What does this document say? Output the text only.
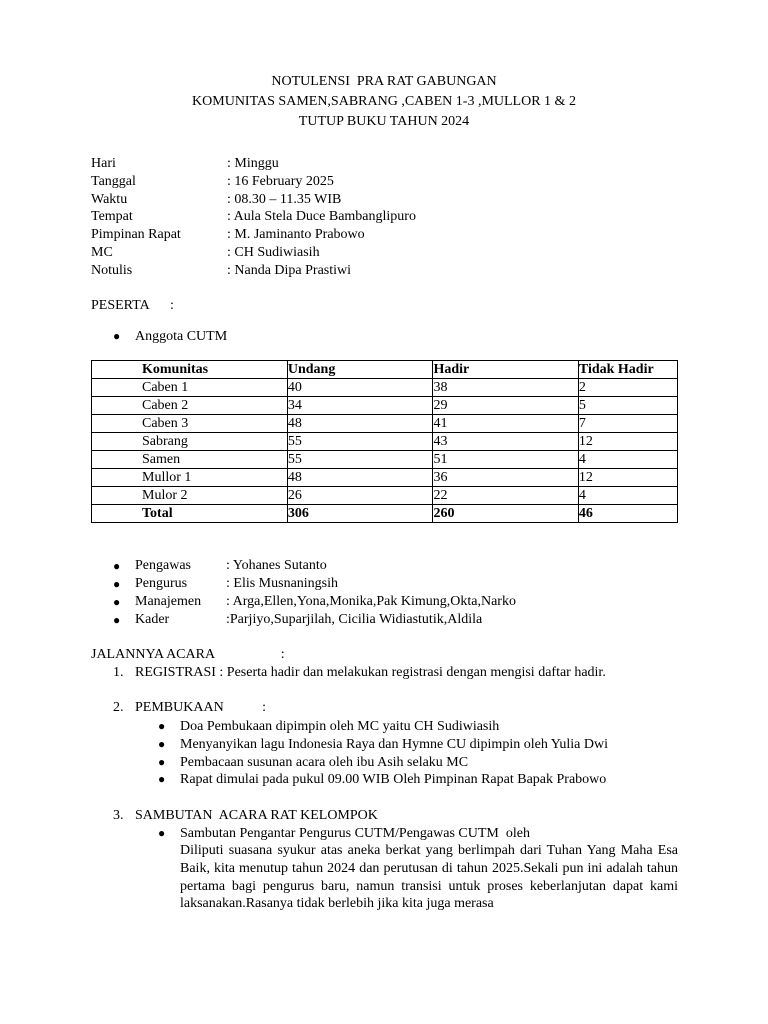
NOTULENSI  PRA RAT GABUNGAN
KOMUNITAS SAMEN,SABRANG ,CABEN 1-3 ,MULLOR 1 & 2
TUTUP BUKU TAHUN 2024
Hari	: Minggu
Tanggal	: 16 February 2025
Waktu	: 08.30 – 11.35 WIB
Tempat	: Aula Stela Duce Bambanglipuro
Pimpinan Rapat	: M. Jaminanto Prabowo
MC	: CH Sudiwiasih
Notulis	: Nanda Dipa Prastiwi
PESERTA      :
●	Anggota CUTM
Komunitas	Undang	Hadir	Tidak Hadir
Caben 1	40	38	2
Caben 2	34	29	5
Caben 3	48	41	7
Sabrang	55	43	12
Samen	55	51	4
Mullor 1	48	36	12
Mulor 2	26	22	4
Total	306	260	46
●	Pengawas	: Yohanes Sutanto
●	Pengurus	: Elis Musnaningsih
●	Manajemen	: Arga,Ellen,Yona,Monika,Pak Kimung,Okta,Narko
●	Kader	:Parjiyo,Suparjilah, Cicilia Widiastutik,Aldila
JALANNYA ACARA                   :
1. REGISTRASI : Peserta hadir dan melakukan registrasi dengan mengisi daftar hadir.
2. PEMBUKAAN           :
●	Doa Pembukaan dipimpin oleh MC yaitu CH Sudiwiasih
●	Menyanyikan lagu Indonesia Raya dan Hymne CU dipimpin oleh Yulia Dwi
●	Pembacaan susunan acara oleh ibu Asih selaku MC
●	Rapat dimulai pada pukul 09.00 WIB Oleh Pimpinan Rapat Bapak Prabowo
3. SAMBUTAN  ACARA RAT KELOMPOK
●	Sambutan Pengantar Pengurus CUTM/Pengawas CUTM  oleh
Diliputi suasana syukur atas aneka berkat yang berlimpah dari Tuhan Yang Maha Esa Baik, kita menutup tahun 2024 dan perutusan di tahun 2025.Sekali pun ini adalah tahun pertama bagi pengurus baru, namun transisi untuk proses keberlanjutan dapat kami laksanakan.Rasanya tidak berlebih jika kita juga merasa
